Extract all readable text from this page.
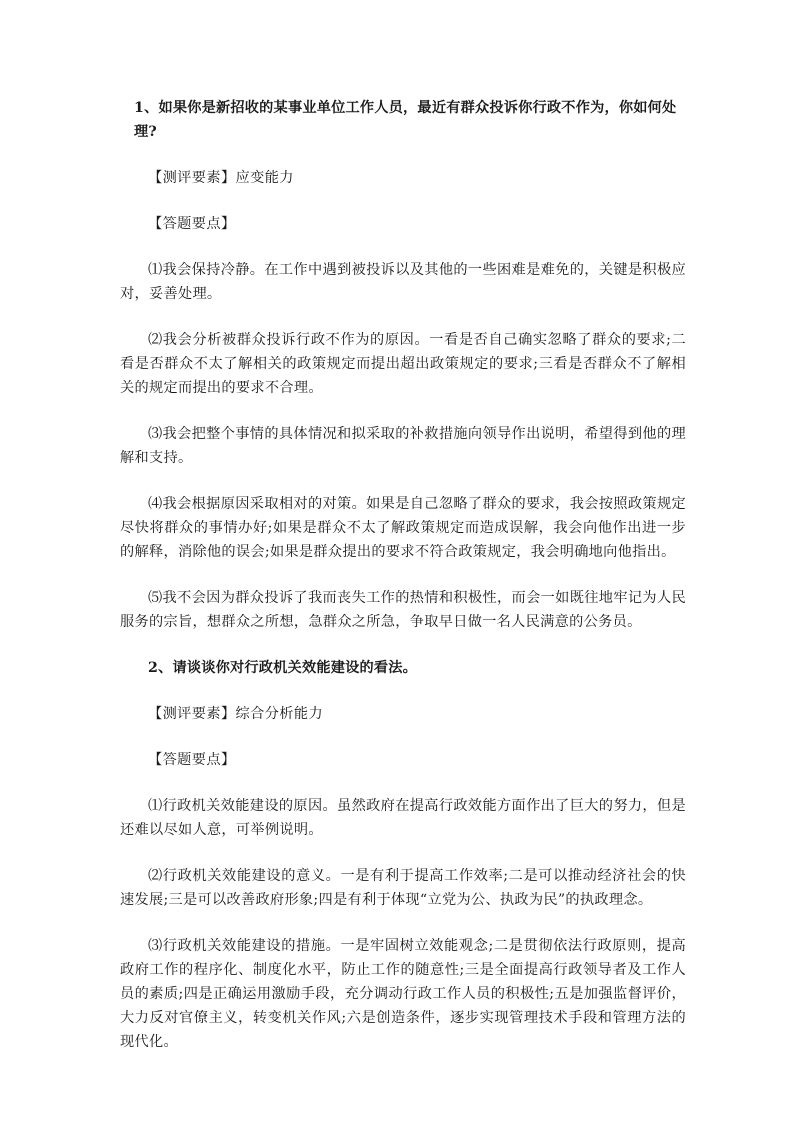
1、如果你是新招收的某事业单位工作人员，最近有群众投诉你行政不作为，你如何处理?

【测评要素】应变能力

【答题要点】

⑴我会保持冷静。在工作中遇到被投诉以及其他的一些困难是难免的，关键是积极应对，妥善处理。

⑵我会分析被群众投诉行政不作为的原因。一看是否自己确实忽略了群众的要求;二看是否群众不太了解相关的政策规定而提出超出政策规定的要求;三看是否群众不了解相关的规定而提出的要求不合理。

⑶我会把整个事情的具体情况和拟采取的补救措施向领导作出说明，希望得到他的理解和支持。

⑷我会根据原因采取相对的对策。如果是自己忽略了群众的要求，我会按照政策规定尽快将群众的事情办好;如果是群众不太了解政策规定而造成误解，我会向他作出进一步的解释，消除他的误会;如果是群众提出的要求不符合政策规定，我会明确地向他指出。

⑸我不会因为群众投诉了我而丧失工作的热情和积极性，而会一如既往地牢记为人民服务的宗旨，想群众之所想，急群众之所急，争取早日做一名人民满意的公务员。

2、请谈谈你对行政机关效能建设的看法。

【测评要素】综合分析能力

【答题要点】

⑴行政机关效能建设的原因。虽然政府在提高行政效能方面作出了巨大的努力，但是还难以尽如人意，可举例说明。

⑵行政机关效能建设的意义。一是有利于提高工作效率;二是可以推动经济社会的快速发展;三是可以改善政府形象;四是有利于体现“立党为公、执政为民”的执政理念。

⑶行政机关效能建设的措施。一是牢固树立效能观念;二是贯彻依法行政原则，提高政府工作的程序化、制度化水平，防止工作的随意性;三是全面提高行政领导者及工作人员的素质;四是正确运用激励手段，充分调动行政工作人员的积极性;五是加强监督评价，大力反对官僚主义，转变机关作风;六是创造条件，逐步实现管理技术手段和管理方法的现代化。
